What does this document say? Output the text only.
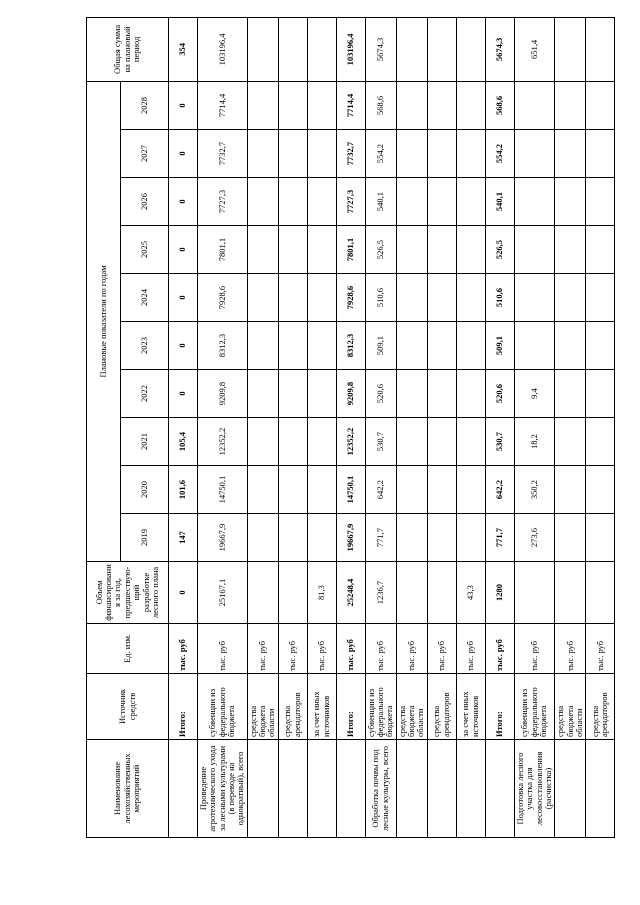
Наименование лесохозяйственных мероприятий	Источник средств	Ед. изм.	Объем финансировани я за год, предшествую- щий разработке лесного плана	Плановые показатели по годам										Общая сумма на плановый период
				2019	2020	2021	2022	2023	2024	2025	2026	2027	2028	
	Итого:	тыс. руб	0	147	101,6	105,4	0	0	0	0	0	0	0	354
Проведение агротехнического ухода за лесными культурами (в переводе на однократный), всего	субвенции из федерального бюджета	тыс. руб	25167,1	19667,9	14750,1	12352,2	9209,8	8312,3	7928,6	7801,1	7727,3	7732,7	7714,4	103196,4
	средства бюджета области	тыс. руб												
	средства арендаторов	тыс. руб												
	за счет иных источников	тыс. руб	81,3											
	Итого:	тыс. руб	25248,4	19667,9	14750,1	12352,2	9209,8	8312,3	7928,6	7801,1	7727,3	7732,7	7714,4	103196,4
Обработка почвы под лесные культуры, всего	субвенции из федерального бюджета	тыс. руб	1236,7	771,7	642,2	530,7	520,6	509,1	510,6	526,5	540,1	554,2	568,6	5674,3
	средства бюджета области	тыс. руб												
	средства арендаторов	тыс. руб												
	за счет иных источников	тыс. руб	43,3											
	Итого:	тыс. руб	1280	771,7	642,2	530,7	520,6	509,1	510,6	526,5	540,1	554,2	568,6	5674,3
Подготовка лесного участка для лесовосстановления (расчистка)	субвенции из федерального бюджета	тыс. руб		273,6	350,2	18,2	9,4							651,4
	средства бюджета области	тыс. руб												
	средства арендаторов	тыс. руб												
